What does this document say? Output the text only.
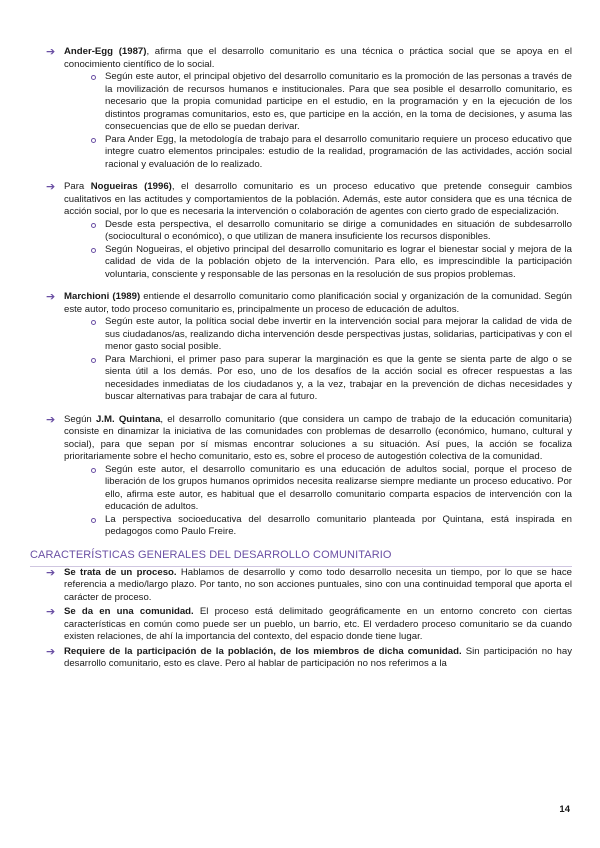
➔ Ander-Egg (1987), afirma que el desarrollo comunitario es una técnica o práctica social que se apoya en el conocimiento científico de lo social.
Según este autor, el principal objetivo del desarrollo comunitario es la promoción de las personas a través de la movilización de recursos humanos e institucionales. Para que sea posible el desarrollo comunitario, es necesario que la propia comunidad participe en el estudio, en la programación y en la ejecución de los distintos programas comunitarios, esto es, que participe en la acción, en la toma de decisiones, y asuma las consecuencias que de ello se puedan derivar.
Para Ander Egg, la metodología de trabajo para el desarrollo comunitario requiere un proceso educativo que integre cuatro elementos principales: estudio de la realidad, programación de las actividades, acción social racional y evaluación de lo realizado.
➔ Para Nogueiras (1996), el desarrollo comunitario es un proceso educativo que pretende conseguir cambios cualitativos en las actitudes y comportamientos de la población. Además, este autor considera que es una técnica de acción social, por lo que es necesaria la intervención o colaboración de agentes con cierto grado de especialización.
Desde esta perspectiva, el desarrollo comunitario se dirige a comunidades en situación de subdesarrollo (sociocultural o económico), o que utilizan de manera insuficiente los recursos disponibles.
Según Nogueiras, el objetivo principal del desarrollo comunitario es lograr el bienestar social y mejora de la calidad de vida de la población objeto de la intervención. Para ello, es imprescindible la participación voluntaria, consciente y responsable de las personas en la resolución de sus propios problemas.
➔ Marchioni (1989) entiende el desarrollo comunitario como planificación social y organización de la comunidad. Según este autor, todo proceso comunitario es, principalmente un proceso de educación de adultos.
Según este autor, la política social debe invertir en la intervención social para mejorar la calidad de vida de sus ciudadanos/as, realizando dicha intervención desde perspectivas justas, solidarias, participativas y con el menor gasto social posible.
Para Marchioni, el primer paso para superar la marginación es que la gente se sienta parte de algo o se sienta útil a los demás. Por eso, uno de los desafíos de la acción social es ofrecer respuestas a las necesidades inmediatas de los ciudadanos y, a la vez, trabajar en la prevención de dichas necesidades y buscar alternativas para trabajar de cara al futuro.
➔ Según J.M. Quintana, el desarrollo comunitario (que considera un campo de trabajo de la educación comunitaria) consiste en dinamizar la iniciativa de las comunidades con problemas de desarrollo (económico, humano, cultural y social), para que sepan por sí mismas encontrar soluciones a su situación. Así pues, la acción se focaliza prioritariamente sobre el hecho comunitario, esto es, sobre el proceso de autogestión colectiva de la comunidad.
Según este autor, el desarrollo comunitario es una educación de adultos social, porque el proceso de liberación de los grupos humanos oprimidos necesita realizarse siempre mediante un proceso educativo. Por ello, afirma este autor, es habitual que el desarrollo comunitario comparta espacios de intervención con la educación de adultos.
La perspectiva socioeducativa del desarrollo comunitario planteada por Quintana, está inspirada en pedagogos como Paulo Freire.
CARACTERÍSTICAS GENERALES DEL DESARROLLO COMUNITARIO
➔ Se trata de un proceso. Hablamos de desarrollo y como todo desarrollo necesita un tiempo, por lo que se hace referencia a medio/largo plazo. Por tanto, no son acciones puntuales, sino con una continuidad temporal que aporta el carácter de proceso.
➔ Se da en una comunidad. El proceso está delimitado geográficamente en un entorno concreto con ciertas características en común como puede ser un pueblo, un barrio, etc. El verdadero proceso comunitario se da cuando existen relaciones, de ahí la importancia del contexto, del espacio donde tiene lugar.
➔ Requiere de la participación de la población, de los miembros de dicha comunidad. Sin participación no hay desarrollo comunitario, esto es clave. Pero al hablar de participación no nos referimos a la
14
